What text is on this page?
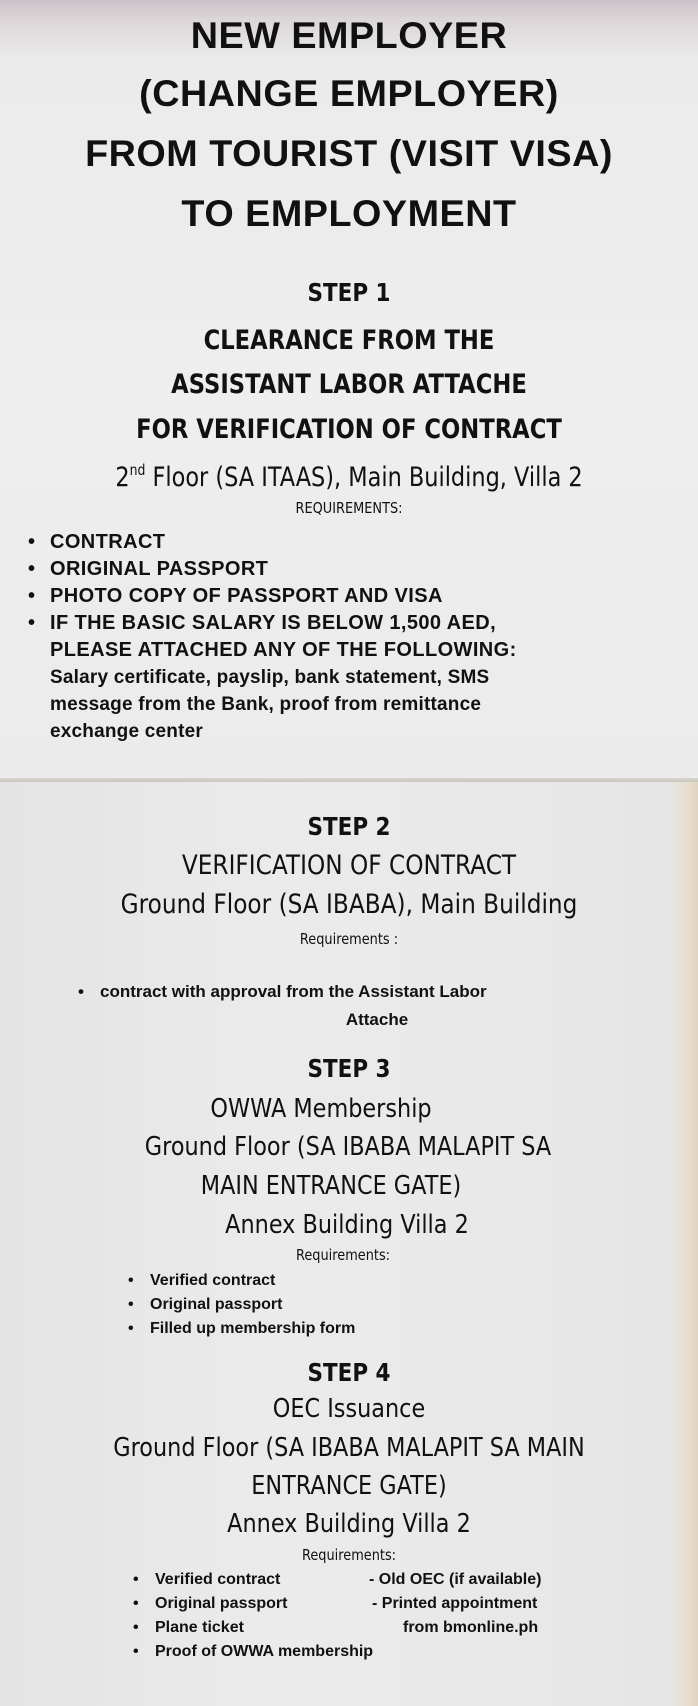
NEW EMPLOYER
(CHANGE EMPLOYER)
FROM TOURIST (VISIT VISA)
TO EMPLOYMENT
STEP 1
CLEARANCE FROM THE
ASSISTANT LABOR ATTACHE
FOR VERIFICATION OF CONTRACT
2nd Floor (SA ITAAS), Main Building, Villa 2
REQUIREMENTS:
• CONTRACT
• ORIGINAL PASSPORT
• PHOTO COPY OF PASSPORT AND VISA
• IF THE BASIC SALARY IS BELOW 1,500 AED,
PLEASE ATTACHED ANY OF THE FOLLOWING:
Salary certificate, payslip, bank statement, SMS
message from the Bank, proof from remittance
exchange center
STEP 2
VERIFICATION OF CONTRACT
Ground Floor (SA IBABA), Main Building
Requirements :
• contract with approval from the Assistant Labor
Attache
STEP 3
OWWA Membership
Ground Floor (SA IBABA MALAPIT SA
MAIN ENTRANCE GATE)
Annex Building Villa 2
Requirements:
• Verified contract
• Original passport
• Filled up membership form
STEP 4
OEC Issuance
Ground Floor (SA IBABA MALAPIT SA MAIN
ENTRANCE GATE)
Annex Building Villa 2
Requirements:
• Verified contract
• Original passport
• Plane ticket
• Proof of OWWA membership
- Old OEC (if available)
- Printed appointment
from bmonline.ph
